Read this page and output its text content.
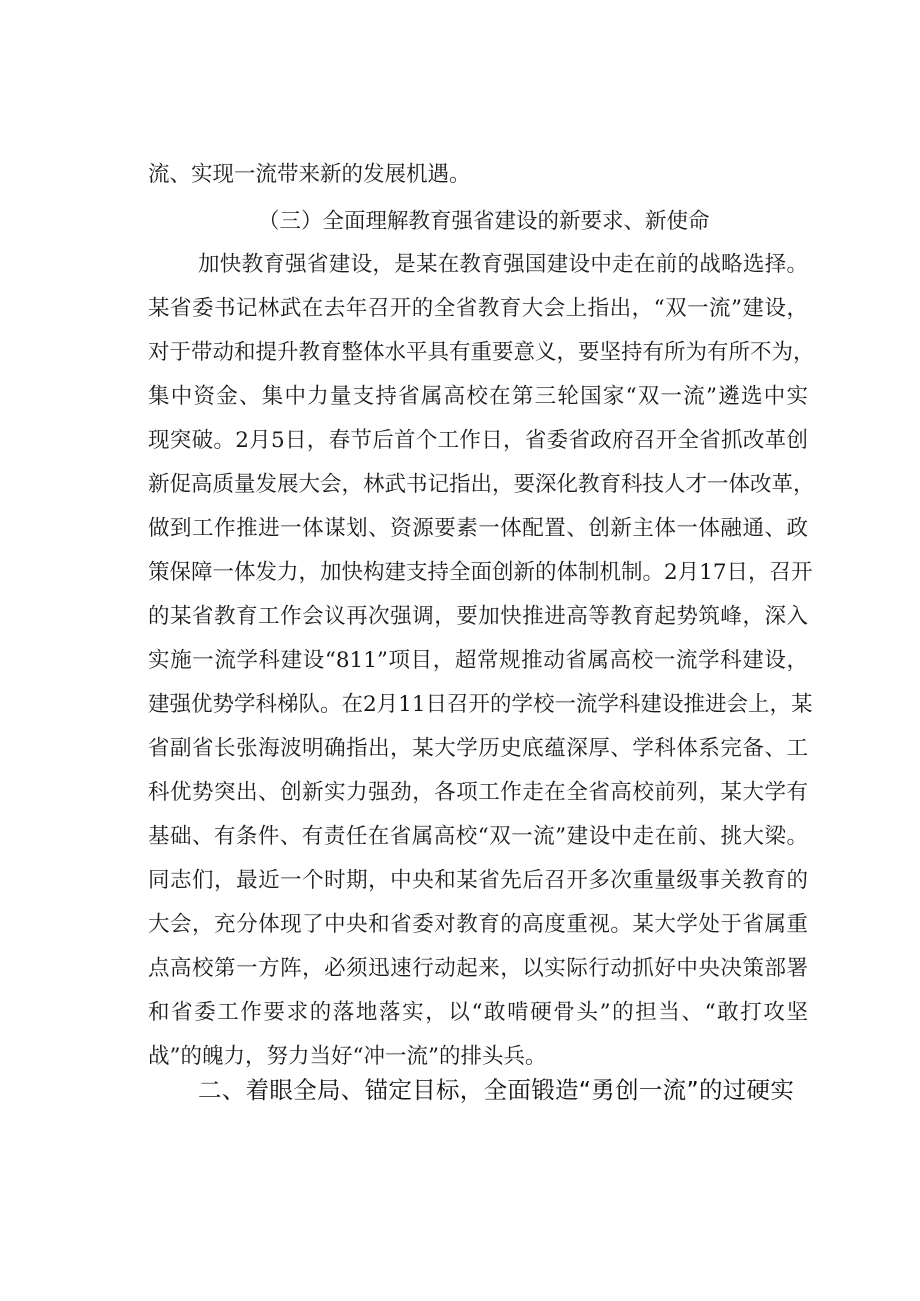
流、实现一流带来新的发展机遇。
（三）全面理解教育强省建设的新要求、新使命
加快教育强省建设，是某在教育强国建设中走在前的战略选择。
某省委书记林武在去年召开的全省教育大会上指出，“双一流”建设，
对于带动和提升教育整体水平具有重要意义，要坚持有所为有所不为，
集中资金、集中力量支持省属高校在第三轮国家“双一流”遴选中实
现突破。2月5日，春节后首个工作日，省委省政府召开全省抓改革创
新促高质量发展大会，林武书记指出，要深化教育科技人才一体改革，
做到工作推进一体谋划、资源要素一体配置、创新主体一体融通、政
策保障一体发力，加快构建支持全面创新的体制机制。2月17日，召开
的某省教育工作会议再次强调，要加快推进高等教育起势筑峰，深入
实施一流学科建设“811”项目，超常规推动省属高校一流学科建设，
建强优势学科梯队。在2月11日召开的学校一流学科建设推进会上，某
省副省长张海波明确指出，某大学历史底蕴深厚、学科体系完备、工
科优势突出、创新实力强劲，各项工作走在全省高校前列，某大学有
基础、有条件、有责任在省属高校“双一流”建设中走在前、挑大梁。
同志们，最近一个时期，中央和某省先后召开多次重量级事关教育的
大会，充分体现了中央和省委对教育的高度重视。某大学处于省属重
点高校第一方阵，必须迅速行动起来，以实际行动抓好中央决策部署
和省委工作要求的落地落实，以“敢啃硬骨头”的担当、“敢打攻坚
战”的魄力，努力当好“冲一流”的排头兵。
二、着眼全局、锚定目标，全面锻造“勇创一流”的过硬实
